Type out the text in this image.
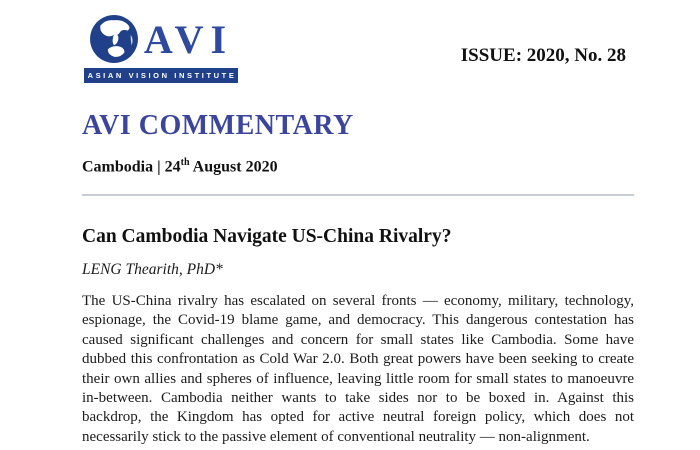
AVI
ASIAN VISION INSTITUTE
ISSUE: 2020, No. 28
AVI COMMENTARY
Cambodia | 24th August 2020
Can Cambodia Navigate US-China Rivalry?
LENG Thearith, PhD*

The US-China rivalry has escalated on several fronts — economy, military, technology, espionage, the Covid-19 blame game, and democracy. This dangerous contestation has caused significant challenges and concern for small states like Cambodia. Some have dubbed this confrontation as Cold War 2.0. Both great powers have been seeking to create their own allies and spheres of influence, leaving little room for small states to manoeuvre in-between. Cambodia neither wants to take sides nor to be boxed in. Against this backdrop, the Kingdom has opted for active neutral foreign policy, which does not necessarily stick to the passive element of conventional neutrality — non-alignment.
